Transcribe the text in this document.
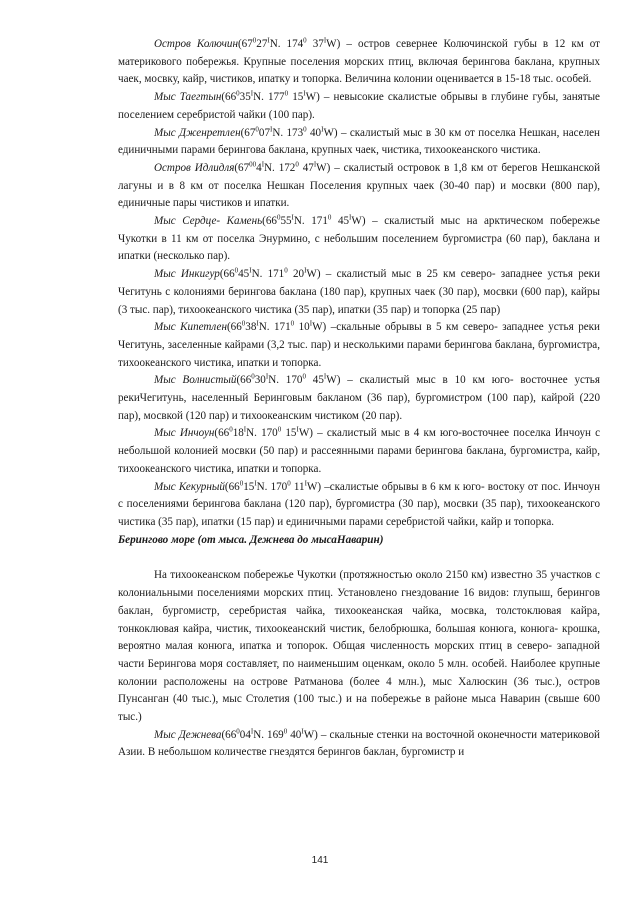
Остров $Колючин(67^027^IN$. $174^0$ $37^IW$) – остров севернее Колючинской губы в 12 км от материкового побережья. Крупные поселения морских птиц, включая берингова баклана, крупных чаек, мосвку, кайр, чистиков, ипатку и топорка. Величина колонии оценивается в 15-18 тыс. особей.

Мыс $Таегтын(66^035^IN$. $177^0$ $15^IW$) – невысокие скалистые обрывы в глубине губы, занятые поселением серебристой чайки (100 пар).

Мыс $Дженретлен(67^007^IN$. $173^0$ $40^IW$) – скалистый мыс в 30 км от поселка Нешкан, населен единичными парами берингова баклана, крупных чаек, чистика, тихоокеанского чистика.

Остров $Идлидля(67^{00}4^IN$. $172^0$ $47^IW$) – скалистый островок в 1,8 км от берегов Нешканской лагуны и в 8 км от поселка Нешкан Поселения крупных чаек (30-40 пар) и мосвки (800 пар), единичные пары чистиков и ипатки.

Мыс Сердце- $Камень(66^055^IN$. $171^0$ $45^IW$) – скалистый мыс на арктическом побережье Чукотки в 11 км от поселка Энурмино, с небольшим поселением бургомистра (60 пар), баклана и ипатки (несколько пар).

Мыс $Инкигур(66^045^IN$. $171^0$ $20^IW$) – скалистый мыс в 25 км северо- западнее устья реки Чегитунь с колониями берингова баклана (180 пар), крупных чаек (30 пар), мосвки (600 пар), кайры (3 тыс. пар), тихоокеанского чистика (35 пар), ипатки (35 пар) и топорка (25 пар)

Мыс $Кипетлен(66^038^IN$. $171^0$ $10^IW$) –скальные обрывы в 5 км северо- западнее устья реки Чегитунь, заселенные кайрами (3,2 тыс. пар) и несколькими парами берингова баклана, бургомистра, тихоокеанского чистика, ипатки и топорка.

Мыс $Волнистый(66^030^IN$. $170^0$ $45^IW$) – скалистый мыс в 10 км юго- восточнее устья рекиЧегитунь, населенный Беринговым бакланом (36 пар), бургомистром (100 пар), кайрой (220 пар), мосвкой (120 пар) и тихоокеанским чистиком (20 пар).

Мыс $Инчоун(66^018^IN$. $170^0$ $15^IW$) – скалистый мыс в 4 км юго-восточнее поселка Инчоун с небольшой колонией мосвки (50 пар) и рассеянными парами берингова баклана, бургомистра, кайр, тихоокеанского чистика, ипатки и топорка.

Мыс $Кекурный(66^015^IN$. $170^0$ $11^IW$) –скалистые обрывы в 6 км к юго- востоку от пос. Инчоун с поселениями берингова баклана (120 пар), бургомистра (30 пар), мосвки (35 пар), тихоокеанского чистика (35 пар), ипатки (15 пар) и единичными парами серебристой чайки, кайр и топорка.

Берингово море (от мыса. Дежнева до мысаНаварин)

На тихоокеанском побережье Чукотки (протяжностью около 2150 км) известно 35 участков с колониальными поселениями морских птиц. Установлено гнездование 16 видов: глупыш, берингов баклан, бургомистр, серебристая чайка, тихоокеанская чайка, мосвка, толстоклювая кайра, тонкоклювая кайра, чистик, тихоокеанский чистик, белобрюшка, большая конюга, конюга- крошка, вероятно малая конюга, ипатка и топорок. Общая численность морских птиц в северо- западной части Берингова моря составляет, по наименьшим оценкам, около 5 млн. особей. Наиболее крупные колонии расположены на острове Ратманова (более 4 млн.), мыс Халюскин (36 тыс.), остров Пунсанган (40 тыс.), мыс Столетия (100 тыс.) и на побережье в районе мыса Наварин (свыше 600 тыс.)

Мыс $Дежнева(66^004^IN$. $169^0$ $40^IW$) – скальные стенки на восточной оконечности материковой Азии. В небольшом количестве гнездятся берингов баклан, бургомистр и

141
